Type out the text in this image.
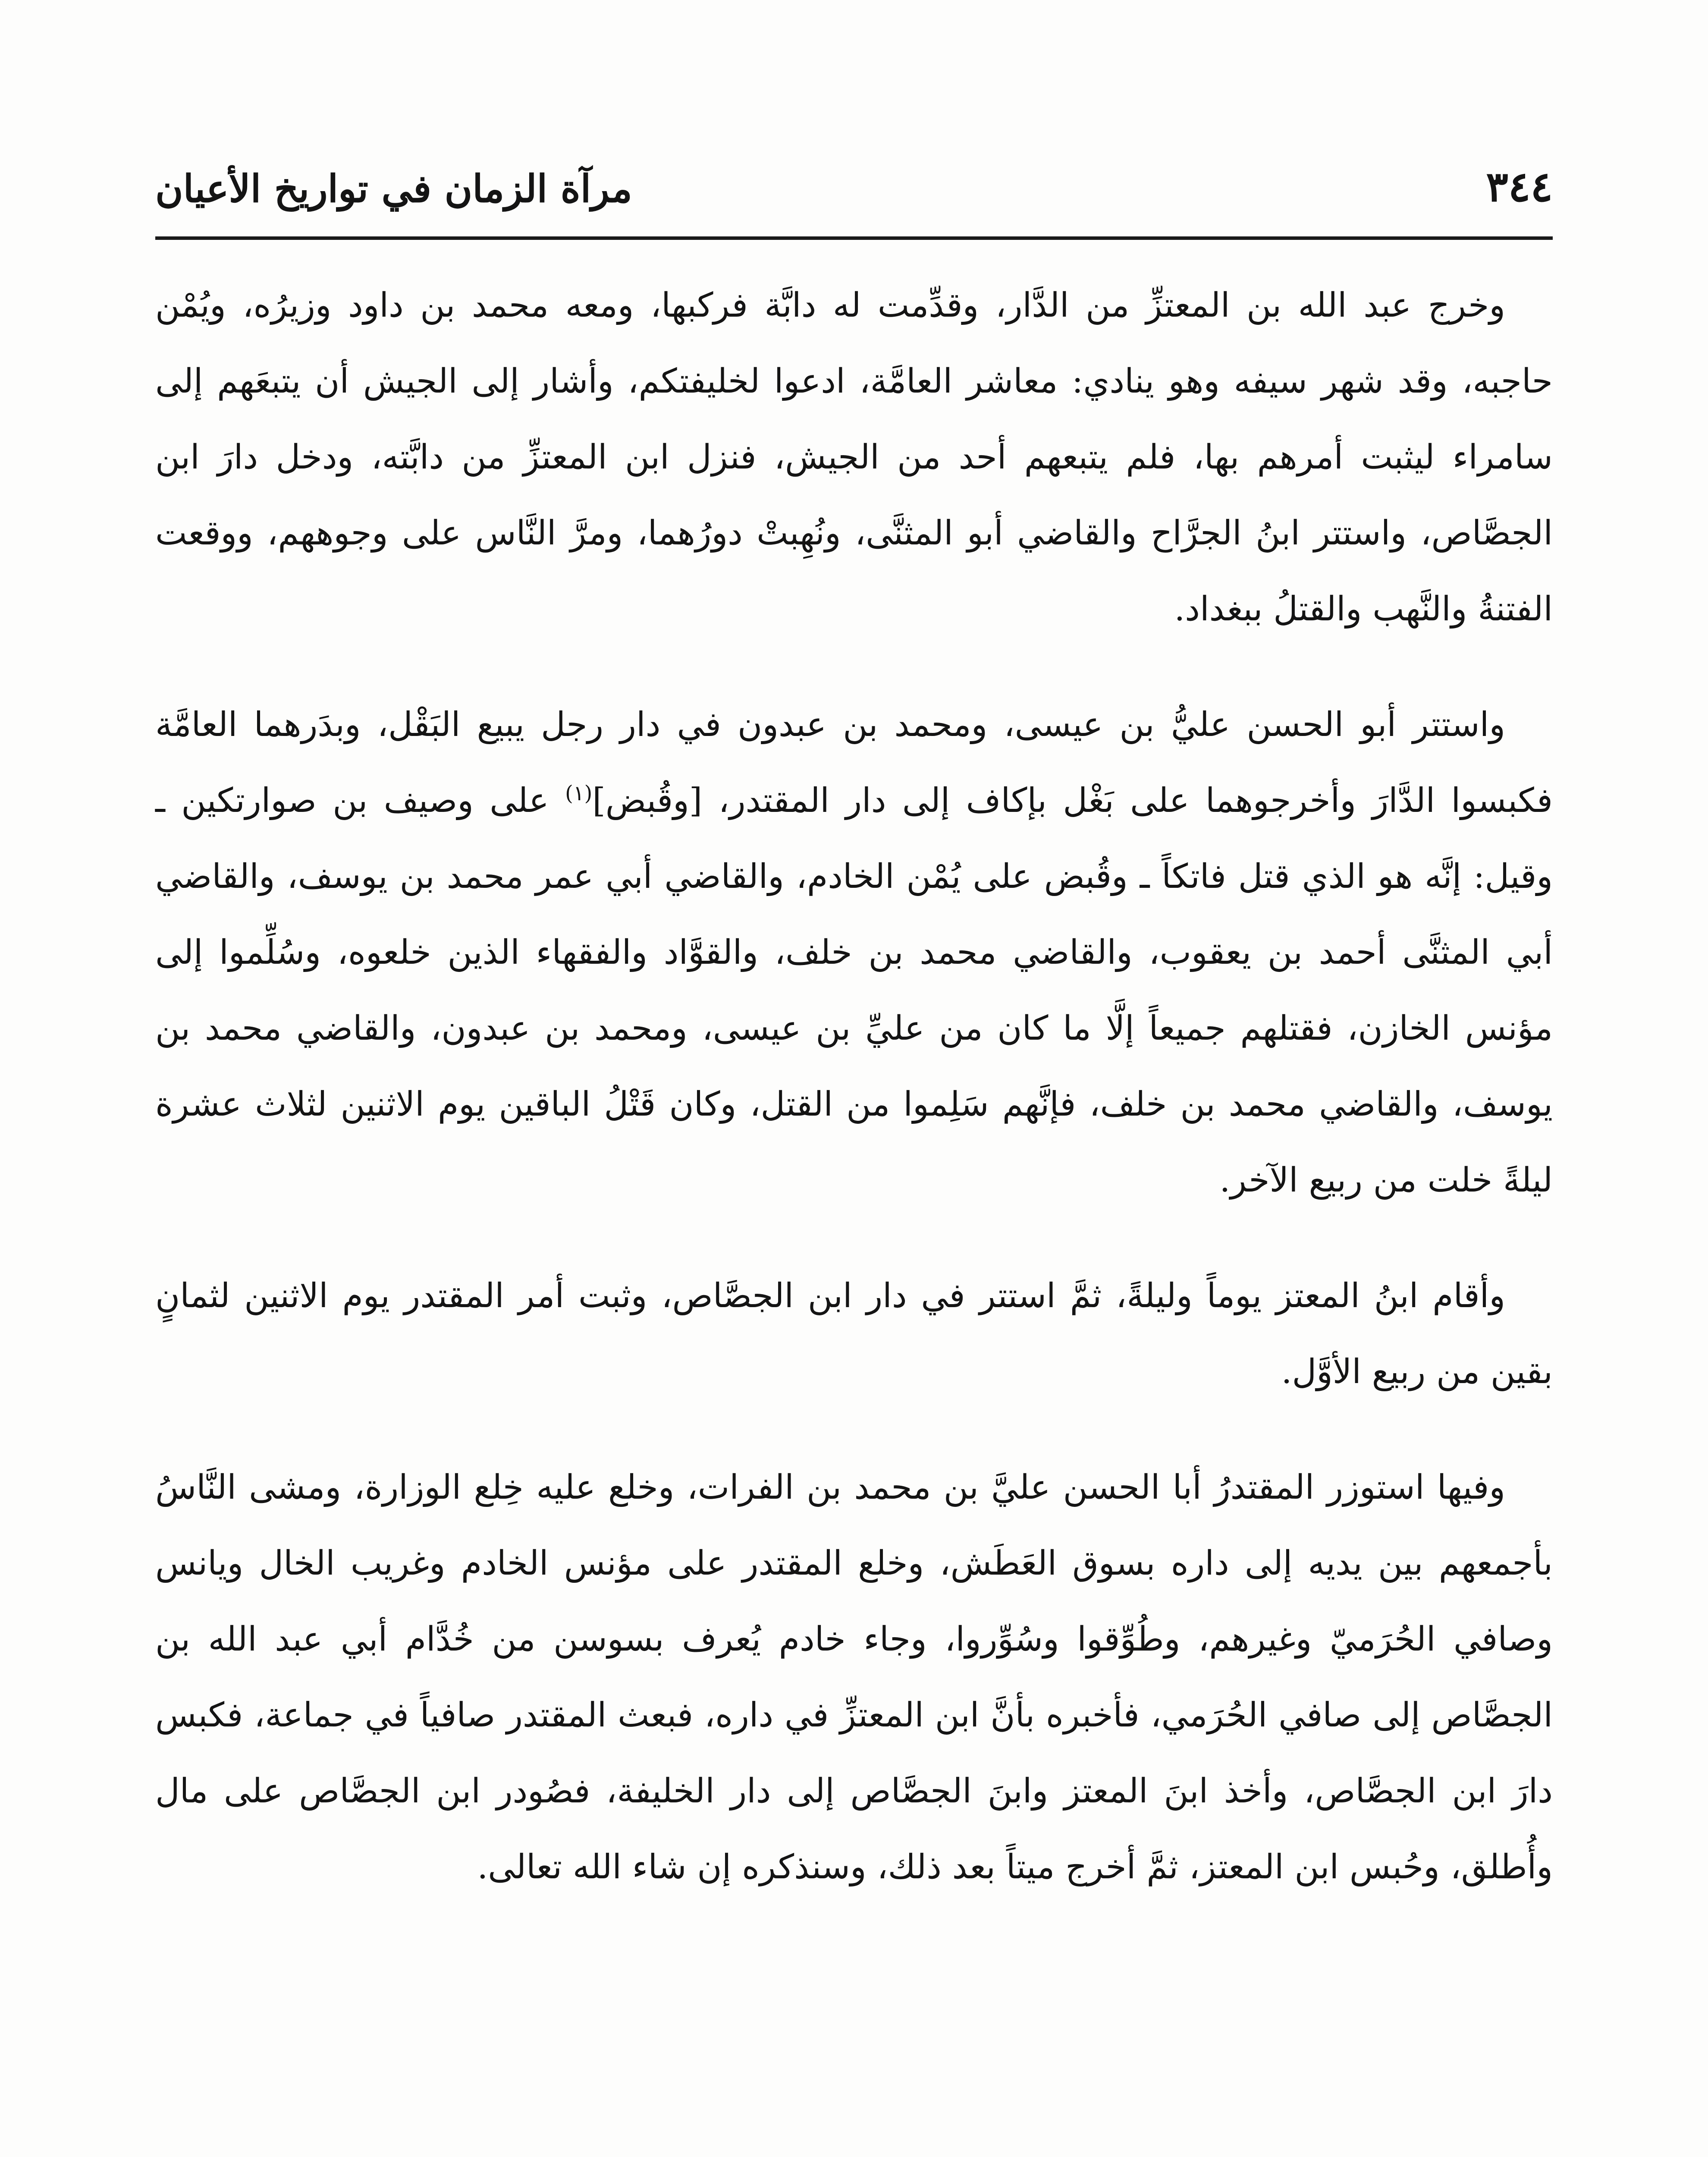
٣٤٤
مرآة الزمان في تواريخ الأعيان

وخرج عبد الله بن المعتزِّ من الدَّار، وقدِّمت له دابَّة فركبها، ومعه محمد بن داود وزيرُه، ويُمْن حاجبه، وقد شهر سيفه وهو ينادي: معاشر العامَّة، ادعوا لخليفتكم، وأشار إلى الجيش أن يتبعَهم إلى سامراء ليثبت أمرهم بها، فلم يتبعهم أحد من الجيش، فنزل ابن المعتزِّ من دابَّته، ودخل دارَ ابن الجصَّاص، واستتر ابنُ الجرَّاح والقاضي أبو المثنَّى، ونُهِبتْ دورُهما، ومرَّ النَّاس على وجوههم، ووقعت الفتنةُ والنَّهب والقتلُ ببغداد.

واستتر أبو الحسن عليُّ بن عيسى، ومحمد بن عبدون في دار رجل يبيع البَقْل، وبدَرهما العامَّة فكبسوا الدَّارَ وأخرجوهما على بَغْل بإكاف إلى دار المقتدر، [وقُبض]$^{(١)}$ على وصيف بن صوارتكين ـ وقيل: إنَّه هو الذي قتل فاتكاً ـ وقُبض على يُمْن الخادم، والقاضي أبي عمر محمد بن يوسف، والقاضي أبي المثنَّى أحمد بن يعقوب، والقاضي محمد بن خلف، والقوَّاد والفقهاء الذين خلعوه، وسُلِّموا إلى مؤنس الخازن، فقتلهم جميعاً إلَّا ما كان من عليِّ بن عيسى، ومحمد بن عبدون، والقاضي محمد بن يوسف، والقاضي محمد بن خلف، فإنَّهم سَلِموا من القتل، وكان قَتْلُ الباقين يوم الاثنين لثلاث عشرة ليلةً خلت من ربيع الآخر.

وأقام ابنُ المعتز يوماً وليلةً، ثمَّ استتر في دار ابن الجصَّاص، وثبت أمر المقتدر يوم الاثنين لثمانٍ بقين من ربيع الأوَّل.

وفيها استوزر المقتدرُ أبا الحسن عليَّ بن محمد بن الفرات، وخلع عليه خِلع الوزارة، ومشى النَّاسُ بأجمعهم بين يديه إلى داره بسوق العَطَش، وخلع المقتدر على مؤنس الخادم وغريب الخال ويانس وصافي الحُرَميّ وغيرهم، وطُوِّقوا وسُوِّروا، وجاء خادم يُعرف بسوسن من خُدَّام أبي عبد الله بن الجصَّاص إلى صافي الحُرَمي، فأخبره بأنَّ ابن المعتزِّ في داره، فبعث المقتدر صافياً في جماعة، فكبس دارَ ابن الجصَّاص، وأخذ ابنَ المعتز وابنَ الجصَّاص إلى دار الخليفة، فصُودر ابن الجصَّاص على مال وأُطلق، وحُبس ابن المعتز، ثمَّ أخرج ميتاً بعد ذلك، وسنذكره إن شاء الله تعالى.
